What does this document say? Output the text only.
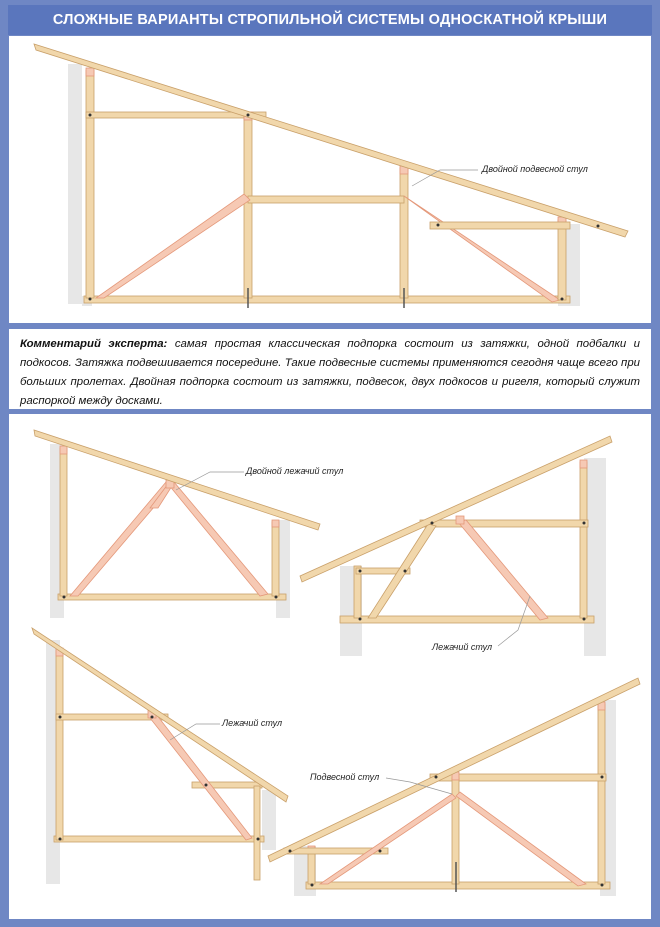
СЛОЖНЫЕ ВАРИАНТЫ СТРОПИЛЬНОЙ СИСТЕМЫ ОДНОСКАТНОЙ КРЫШИ
Комментарий эксперта: самая простая классическая подпорка состоит из затяжки, одной подбалки и подкосов. Затяжка подвешивается посередине. Такие подвесные системы применяются сегодня чаще всего при больших пролетах. Двойная подпорка состоит из затяжки, подвесок, двух подкосов и ригеля, который служит распоркой между досками.
Двойной подвесной стул
Двойной лежачий стул
Лежачий стул
Лежачий стул
Подвесной стул
